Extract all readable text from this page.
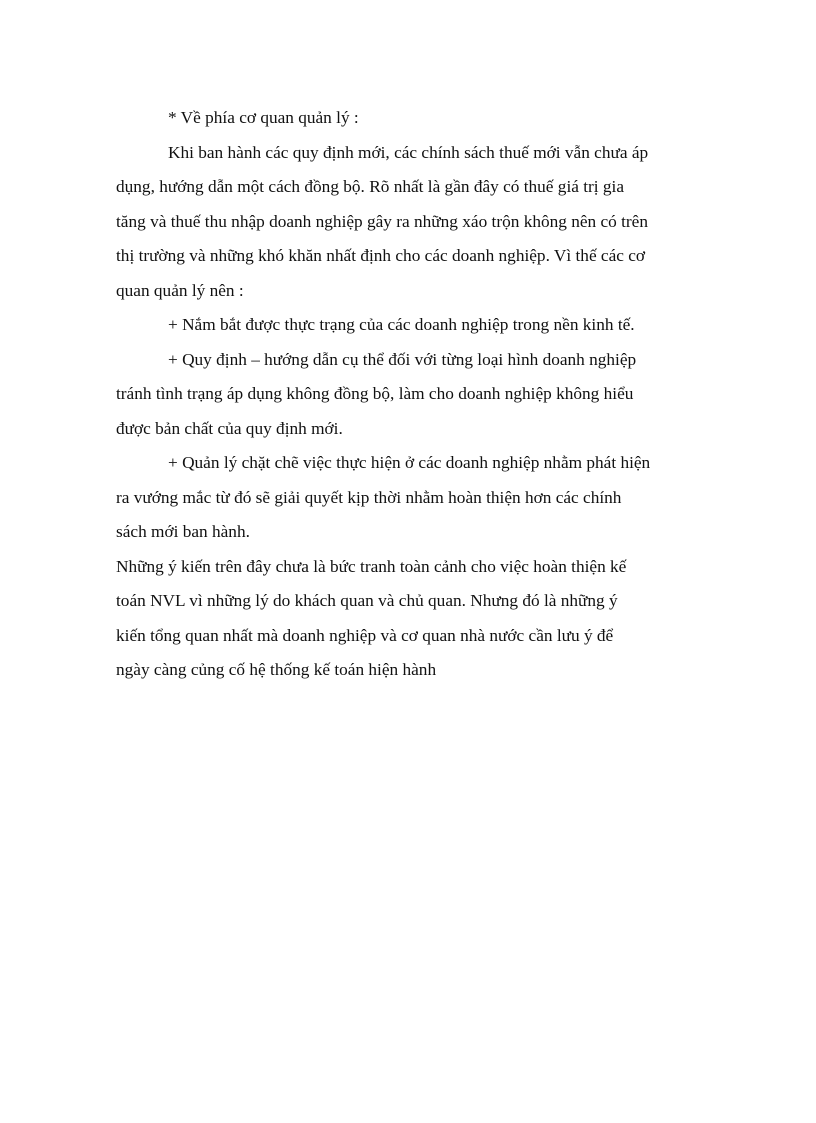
* Về phía cơ quan quản lý :

Khi ban hành các quy định mới, các chính sách thuế mới vẫn chưa áp
dụng, hướng dẫn một cách đồng bộ. Rõ nhất là gần đây có thuế giá trị gia
tăng và thuế thu nhập doanh nghiệp gây ra những xáo trộn không nên có trên
thị trường và những khó khăn nhất định cho các doanh nghiệp. Vì thế các cơ
quan quản lý nên :

+ Nắm bắt được thực trạng của các doanh nghiệp trong nền kinh tế.

+ Quy định – hướng dẫn cụ thể đối với từng loại hình doanh nghiệp
tránh tình trạng áp dụng không đồng bộ, làm cho doanh nghiệp không hiểu
được bản chất của quy định mới.

+ Quản lý chặt chẽ việc thực hiện ở các doanh nghiệp nhằm phát hiện
ra vướng mắc từ đó sẽ giải quyết kịp thời nhằm hoàn thiện hơn các chính
sách mới ban hành.

Những ý kiến trên đây chưa là bức tranh toàn cảnh cho việc hoàn thiện kế
toán NVL vì những lý do khách quan và chủ quan. Nhưng đó là những ý
kiến tổng quan nhất mà doanh nghiệp và cơ quan nhà nước cần lưu ý để
ngày càng củng cố hệ thống kế toán hiện hành
